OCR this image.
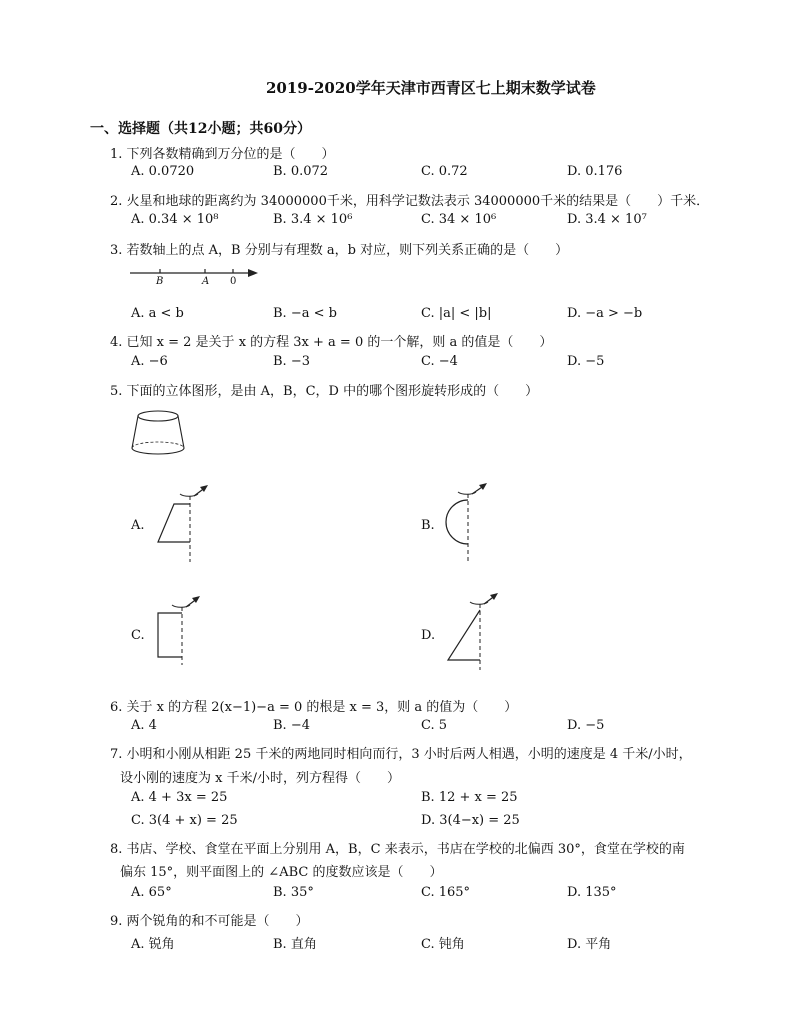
2019-2020学年天津市西青区七上期末数学试卷
一、选择题（共12小题；共60分）
1. 下列各数精确到万分位的是（　　）
A. 0.0720	B. 0.072	C. 0.72	D. 0.176
2. 火星和地球的距离约为 34000000千米，用科学记数法表示 34000000千米的结果是（　　）千米．
A. 0.34 × 10⁸	B. 3.4 × 10⁶	C. 34 × 10⁶	D. 3.4 × 10⁷
3. 若数轴上的点 A，B 分别与有理数 a，b 对应，则下列关系正确的是（　　）
B	A 0
A. a < b	B. −a < b	C. |a| < |b|	D. −a > −b
4. 已知 x = 2 是关于 x 的方程 3x + a = 0 的一个解，则 a 的值是（　　）
A. −6	B. −3	C. −4	D. −5
5. 下面的立体图形，是由 A，B，C，D 中的哪个图形旋转形成的（　　）
A.	B.
C.	D.
6. 关于 x 的方程 2(x−1)−a = 0 的根是 x = 3，则 a 的值为（　　）
A. 4	B. −4	C. 5	D. −5
7. 小明和小刚从相距 25 千米的两地同时相向而行，3 小时后两人相遇，小明的速度是 4 千米/小时，
设小刚的速度为 x 千米/小时，列方程得（　　）
A. 4 + 3x = 25	B. 12 + x = 25
C. 3(4 + x) = 25	D. 3(4−x) = 25
8. 书店、学校、食堂在平面上分别用 A，B，C 来表示，书店在学校的北偏西 30°，食堂在学校的南
偏东 15°，则平面图上的 ∠ABC 的度数应该是（　　）
A. 65°	B. 35°	C. 165°	D. 135°
9. 两个锐角的和不可能是（　　）
A. 锐角	B. 直角	C. 钝角	D. 平角
